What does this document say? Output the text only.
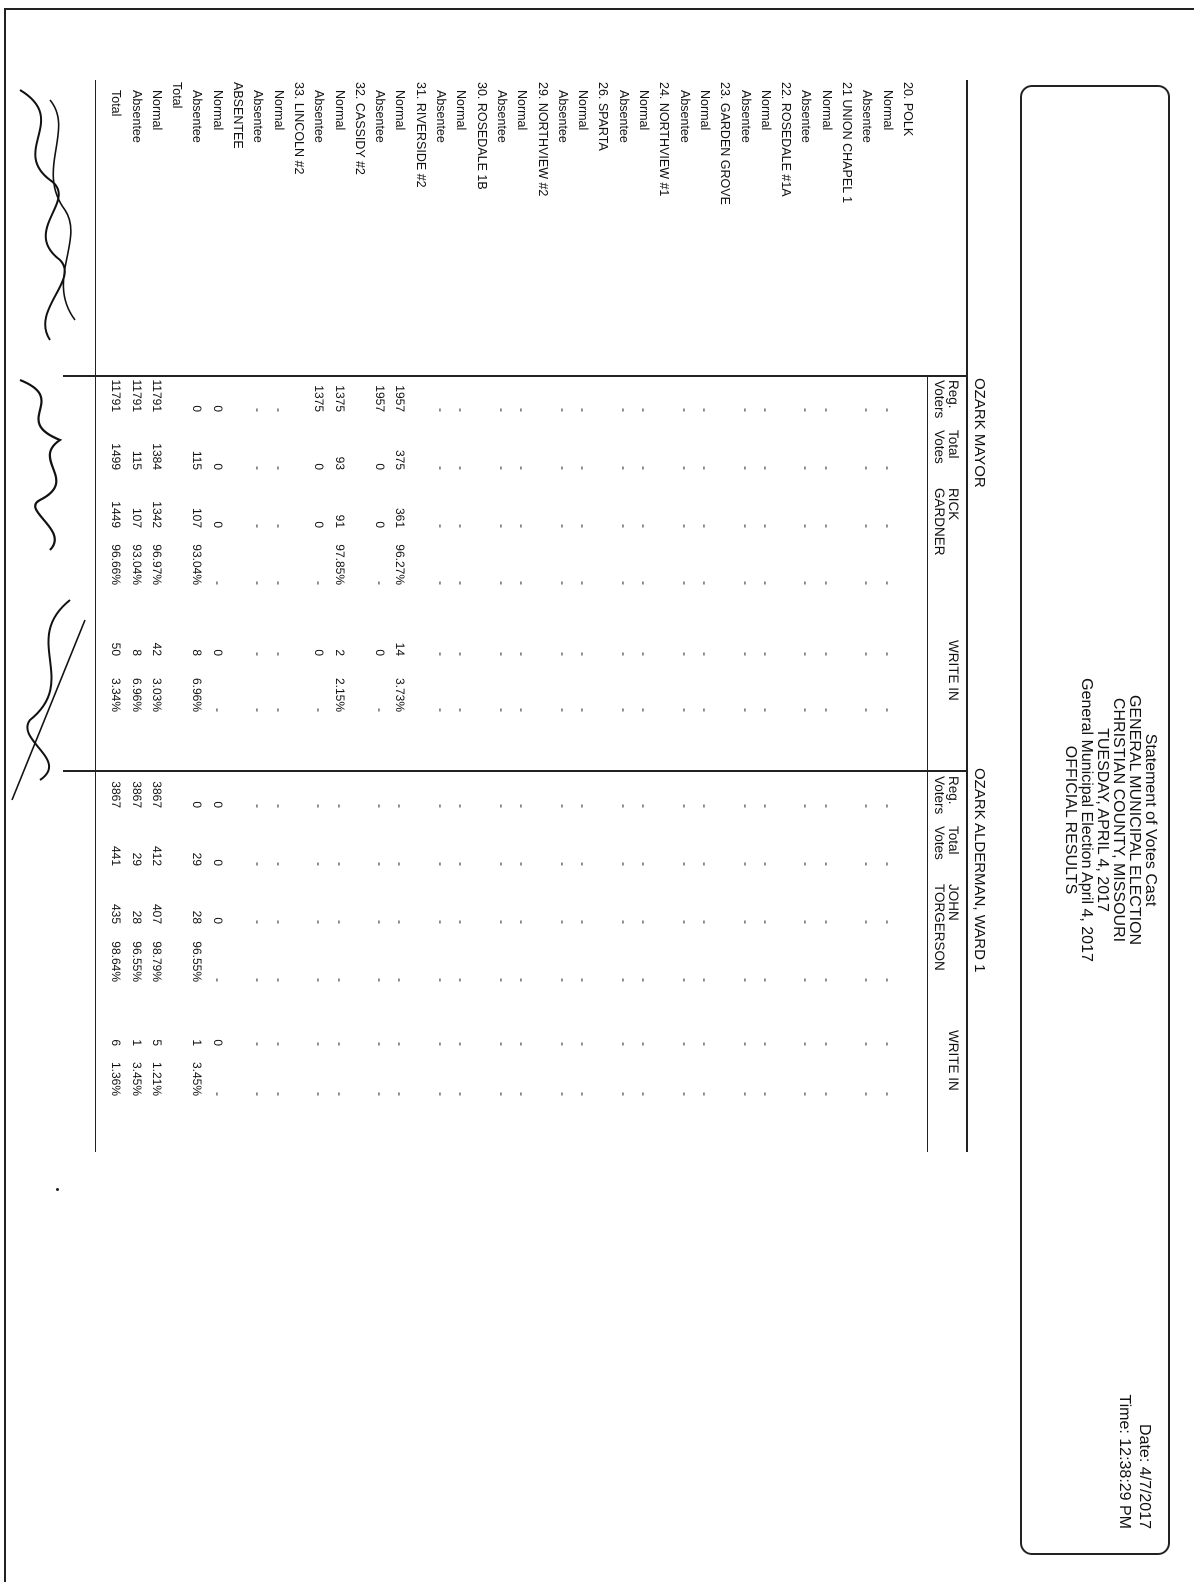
Statement of Votes Cast
GENERAL MUNICIPAL ELECTION
CHRISTIAN COUNTY, MISSOURI
TUESDAY, APRIL 4, 2017
General Municipal Election April 4, 2017
OFFICIAL RESULTS
Date: 4/7/2017
Time: 12:38:29 PM
OZARK MAYOR
OZARK ALDERMAN, WARD 1
Reg.
Voters
Total
Votes
RICK
GARDNER
WRITE IN
Reg.
Voters
Total
Votes
JOHN
TORGERSON
WRITE IN
20. POLK
Normal
-
-
-
-
-
-
-
-
-
-
-
-
Absentee
-
-
-
-
-
-
-
-
-
-
-
-
21 UNION CHAPEL 1
Normal
-
-
-
-
-
-
-
-
-
-
-
-
Absentee
-
-
-
-
-
-
-
-
-
-
-
-
22. ROSEDALE #1A
Normal
-
-
-
-
-
-
-
-
-
-
-
-
Absentee
-
-
-
-
-
-
-
-
-
-
-
-
23. GARDEN GROVE
Normal
-
-
-
-
-
-
-
-
-
-
-
-
Absentee
-
-
-
-
-
-
-
-
-
-
-
-
24. NORTHVIEW #1
Normal
-
-
-
-
-
-
-
-
-
-
-
-
Absentee
-
-
-
-
-
-
-
-
-
-
-
-
26. SPARTA
Normal
-
-
-
-
-
-
-
-
-
-
-
-
Absentee
-
-
-
-
-
-
-
-
-
-
-
-
29. NORTHVIEW #2
Normal
-
-
-
-
-
-
-
-
-
-
-
-
Absentee
-
-
-
-
-
-
-
-
-
-
-
-
30. ROSEDALE 1B
Normal
-
-
-
-
-
-
-
-
-
-
-
-
Absentee
-
-
-
-
-
-
-
-
-
-
-
-
31. RIVERSIDE #2
Normal
1957
375
361
96.27%
14
3.73%
-
-
-
-
-
-
Absentee
1957
0
0
-
0
-
-
-
-
-
-
-
32. CASSIDY #2
Normal
1375
93
91
97.85%
2
2.15%
-
-
-
-
-
-
Absentee
1375
0
0
-
0
-
-
-
-
-
-
-
33. LINCOLN #2
Normal
-
-
-
-
-
-
-
-
-
-
-
-
Absentee
-
-
-
-
-
-
-
-
-
-
-
-
ABSENTEE
Normal
0
0
0
-
0
-
0
0
0
-
0
-
Absentee
0
115
107
93.04%
8
6.96%
0
29
28
96.55%
1
3.45%
Total
Normal
11791
1384
1342
96.97%
42
3.03%
3867
412
407
98.79%
5
1.21%
Absentee
11791
115
107
93.04%
8
6.96%
3867
29
28
96.55%
1
3.45%
Total
11791
1499
1449
96.66%
50
3.34%
3867
441
435
98.64%
6
1.36%
